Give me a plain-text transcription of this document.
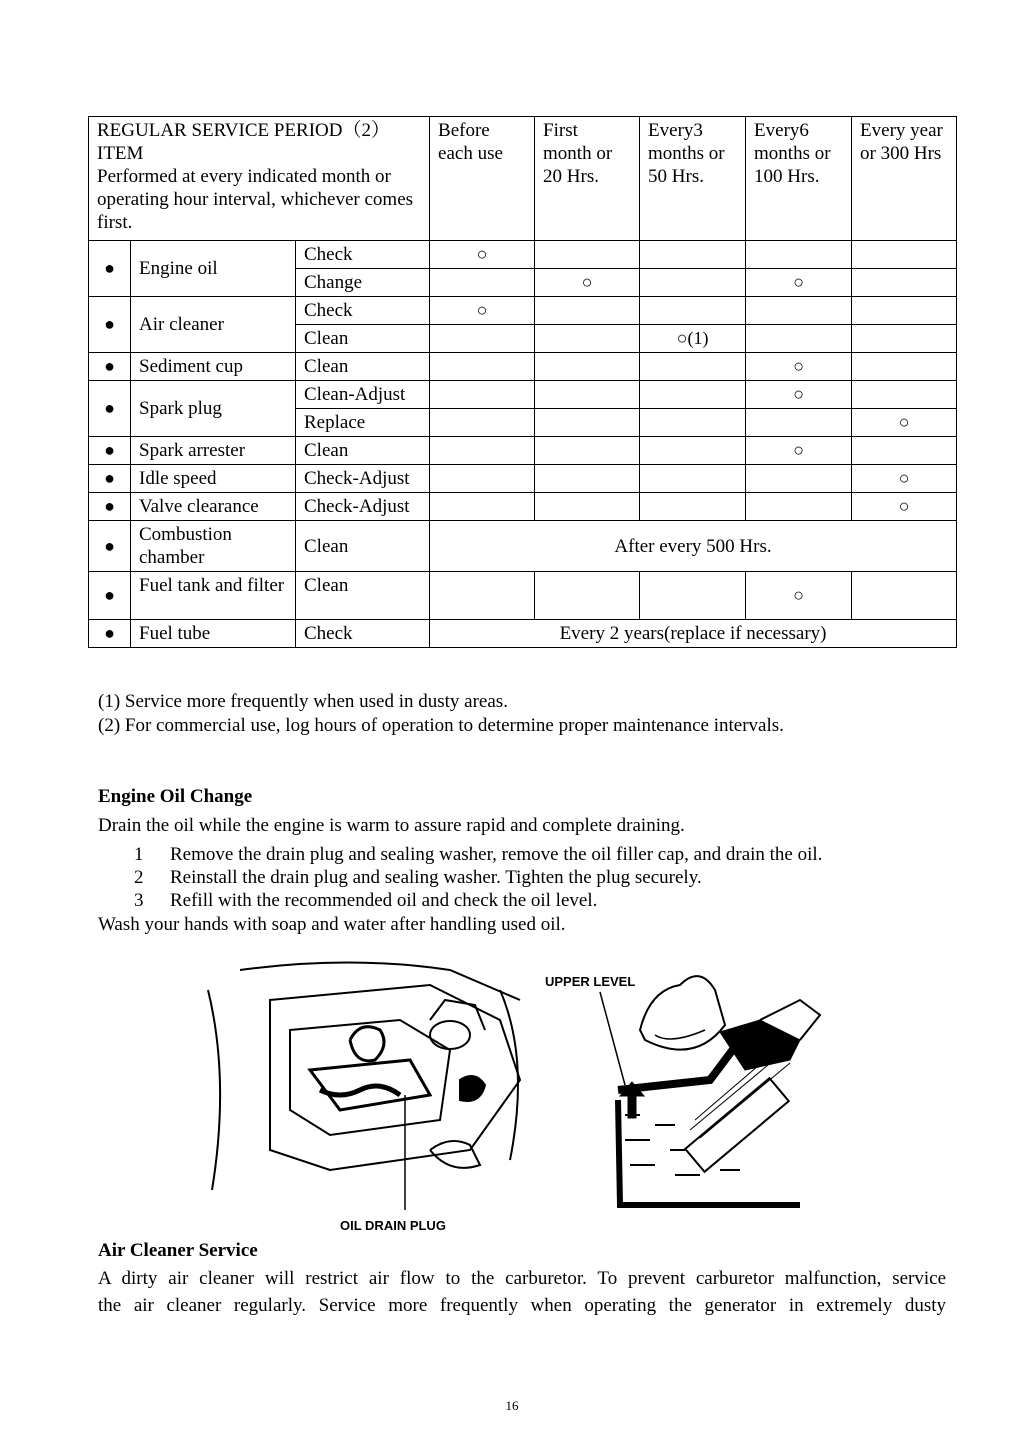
REGULAR SERVICE PERIOD（2）
ITEM
Performed at every indicated month or operating hour interval, whichever comes first.			Before each use	First month or 20 Hrs.	Every3 months or 50 Hrs.	Every6 months or 100 Hrs.	Every year or 300 Hrs
●	Engine oil	Check	○				
		Change		○		○	
●	Air cleaner	Check	○				
		Clean			○(1)		
●	Sediment cup	Clean				○	
●	Spark plug	Clean-Adjust				○	
		Replace					○
●	Spark arrester	Clean				○	
●	Idle speed	Check-Adjust					○
●	Valve clearance	Check-Adjust					○
●	Combustion chamber	Clean	After every 500 Hrs.				
●	Fuel tank and filter	Clean				○	
●	Fuel tube	Check	Every 2 years(replace if necessary)				
(1) Service more frequently when used in dusty areas.
(2) For commercial use, log hours of operation to determine proper maintenance intervals.
Engine Oil Change
Drain the oil while the engine is warm to assure rapid and complete draining.
1 Remove the drain plug and sealing washer, remove the oil filler cap, and drain the oil.
2 Reinstall the drain plug and sealing washer. Tighten the plug securely.
3 Refill with the recommended oil and check the oil level.
Wash your hands with soap and water after handling used oil.
OIL DRAIN PLUG
UPPER LEVEL
Air Cleaner Service
A dirty air cleaner will restrict air flow to the carburetor. To prevent carburetor malfunction, service
the air cleaner regularly. Service more frequently when operating the generator in extremely dusty
16
